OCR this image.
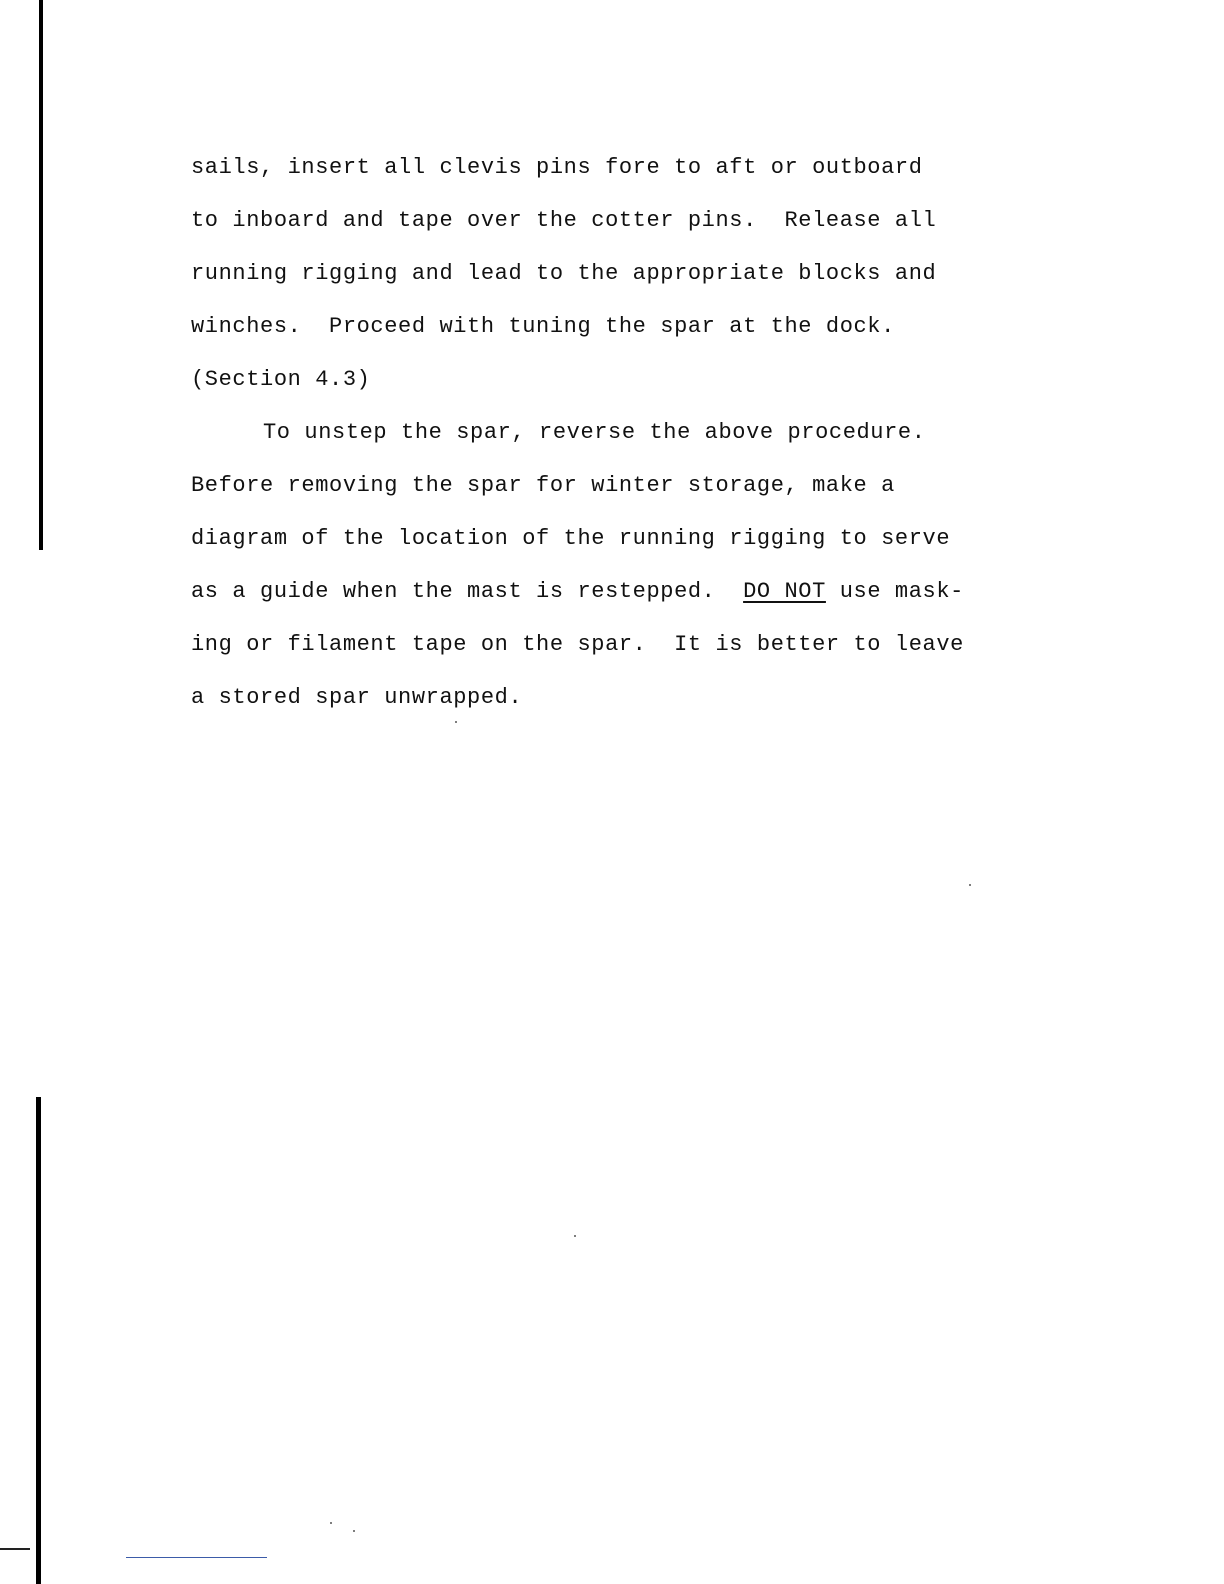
sails, insert all clevis pins fore to aft or outboard
to inboard and tape over the cotter pins.  Release all
running rigging and lead to the appropriate blocks and
winches.  Proceed with tuning the spar at the dock.
(Section 4.3)
To unstep the spar, reverse the above procedure.
Before removing the spar for winter storage, make a
diagram of the location of the running rigging to serve
as a guide when the mast is restepped.  DO NOT use mask-
ing or filament tape on the spar.  It is better to leave
a stored spar unwrapped.
